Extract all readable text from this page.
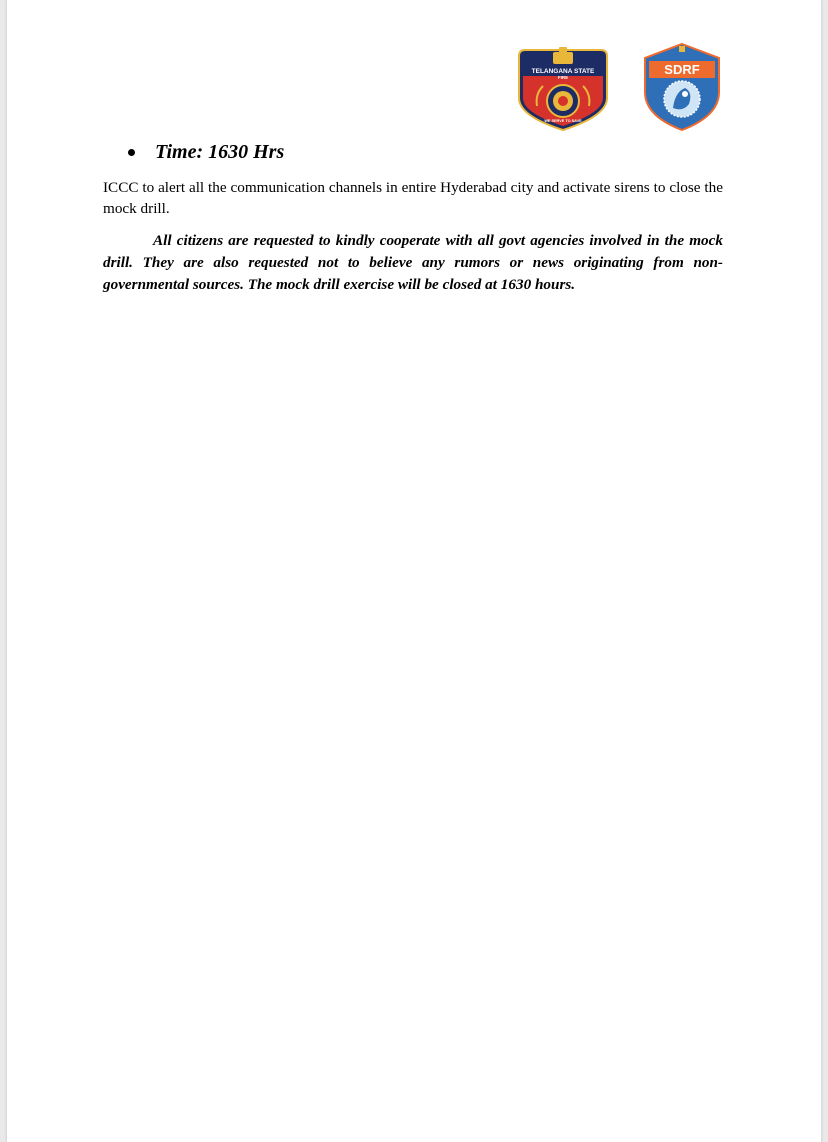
TELANGANA STATE
FIRE
WE SERVE TO SAVE
SDRF
Time: 1630 Hrs
ICCC to alert all the communication channels in entire Hyderabad city and activate sirens to close the mock drill.
All citizens are requested to kindly cooperate with all govt agencies involved in the mock drill. They are also requested not to believe any rumors or news originating from non-governmental sources. The mock drill exercise will be closed at 1630 hours.
